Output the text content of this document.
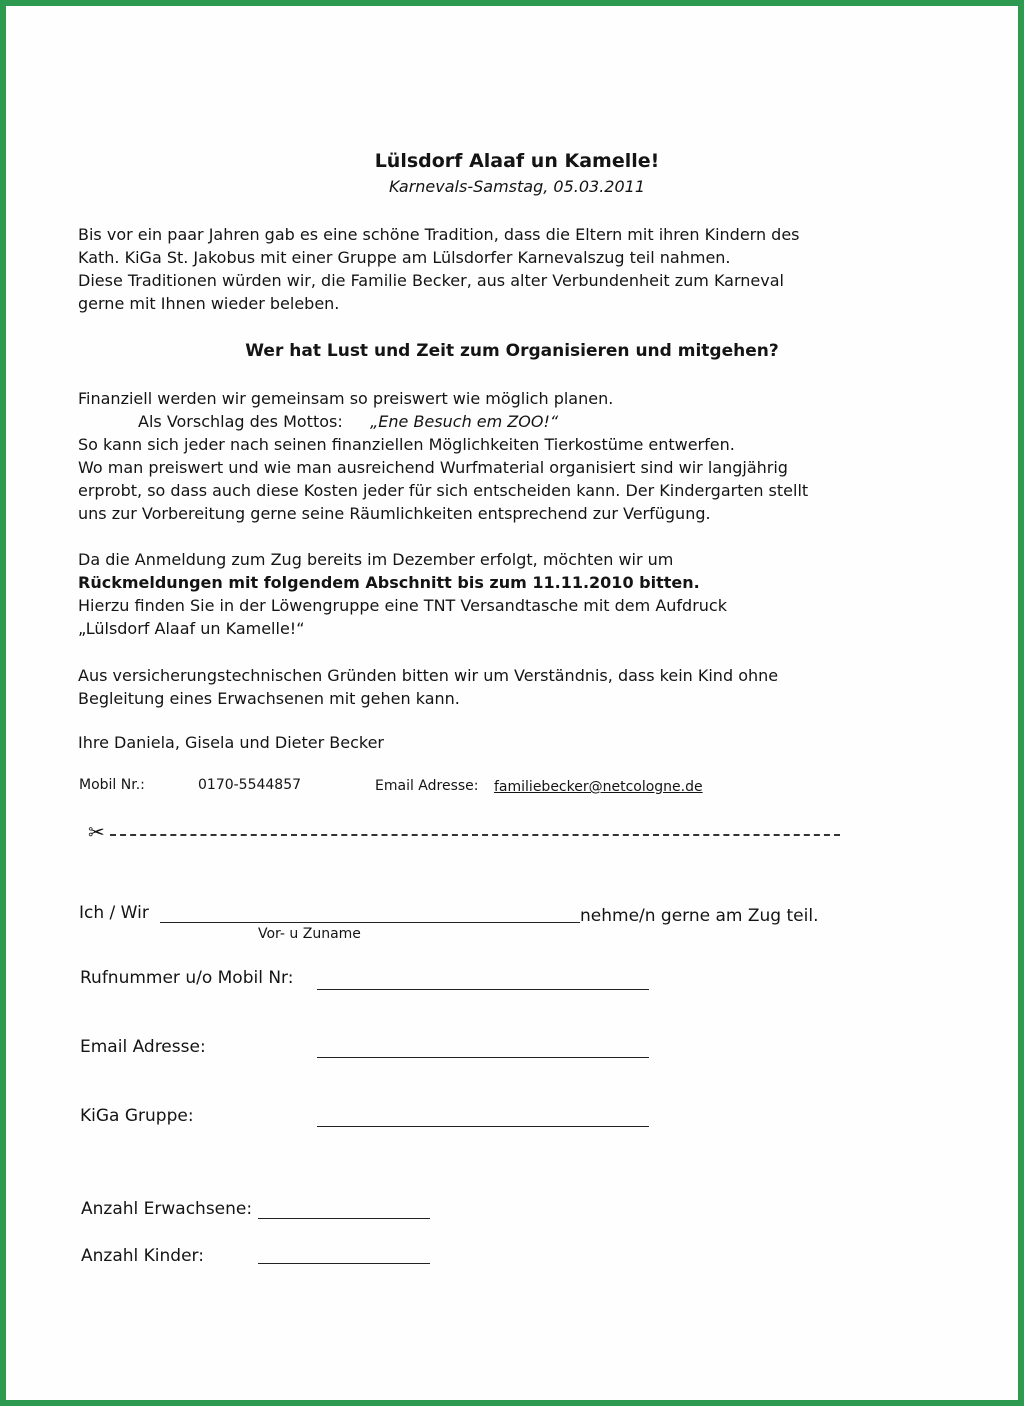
Lülsdorf Alaaf un Kamelle!
Karnevals-Samstag, 05.03.2011
Bis vor ein paar Jahren gab es eine schöne Tradition, dass die Eltern mit ihren Kindern des
Kath. KiGa St. Jakobus mit einer Gruppe am Lülsdorfer Karnevalszug teil nahmen.
Diese Traditionen würden wir, die Familie Becker, aus alter Verbundenheit zum Karneval
gerne mit Ihnen wieder beleben.
Wer hat Lust und Zeit zum Organisieren und mitgehen?
Finanziell werden wir gemeinsam so preiswert wie möglich planen.
Als Vorschlag des Mottos: „Ene Besuch em ZOO!“
So kann sich jeder nach seinen finanziellen Möglichkeiten Tierkostüme entwerfen.
Wo man preiswert und wie man ausreichend Wurfmaterial organisiert sind wir langjährig
erprobt, so dass auch diese Kosten jeder für sich entscheiden kann. Der Kindergarten stellt
uns zur Vorbereitung gerne seine Räumlichkeiten entsprechend zur Verfügung.
Da die Anmeldung zum Zug bereits im Dezember erfolgt, möchten wir um
Rückmeldungen mit folgendem Abschnitt bis zum 11.11.2010 bitten.
Hierzu finden Sie in der Löwengruppe eine TNT Versandtasche mit dem Aufdruck
„Lülsdorf Alaaf un Kamelle!“
Aus versicherungstechnischen Gründen bitten wir um Verständnis, dass kein Kind ohne
Begleitung eines Erwachsenen mit gehen kann.
Ihre Daniela, Gisela und Dieter Becker
Mobil Nr.:	0170-5544857	Email Adresse: familiebecker@netcologne.de
✂
Ich / Wir	nehme/n gerne am Zug teil.
Vor- u Zuname
Rufnummer u/o Mobil Nr:
Email Adresse:
KiGa Gruppe:
Anzahl Erwachsene:
Anzahl Kinder:
